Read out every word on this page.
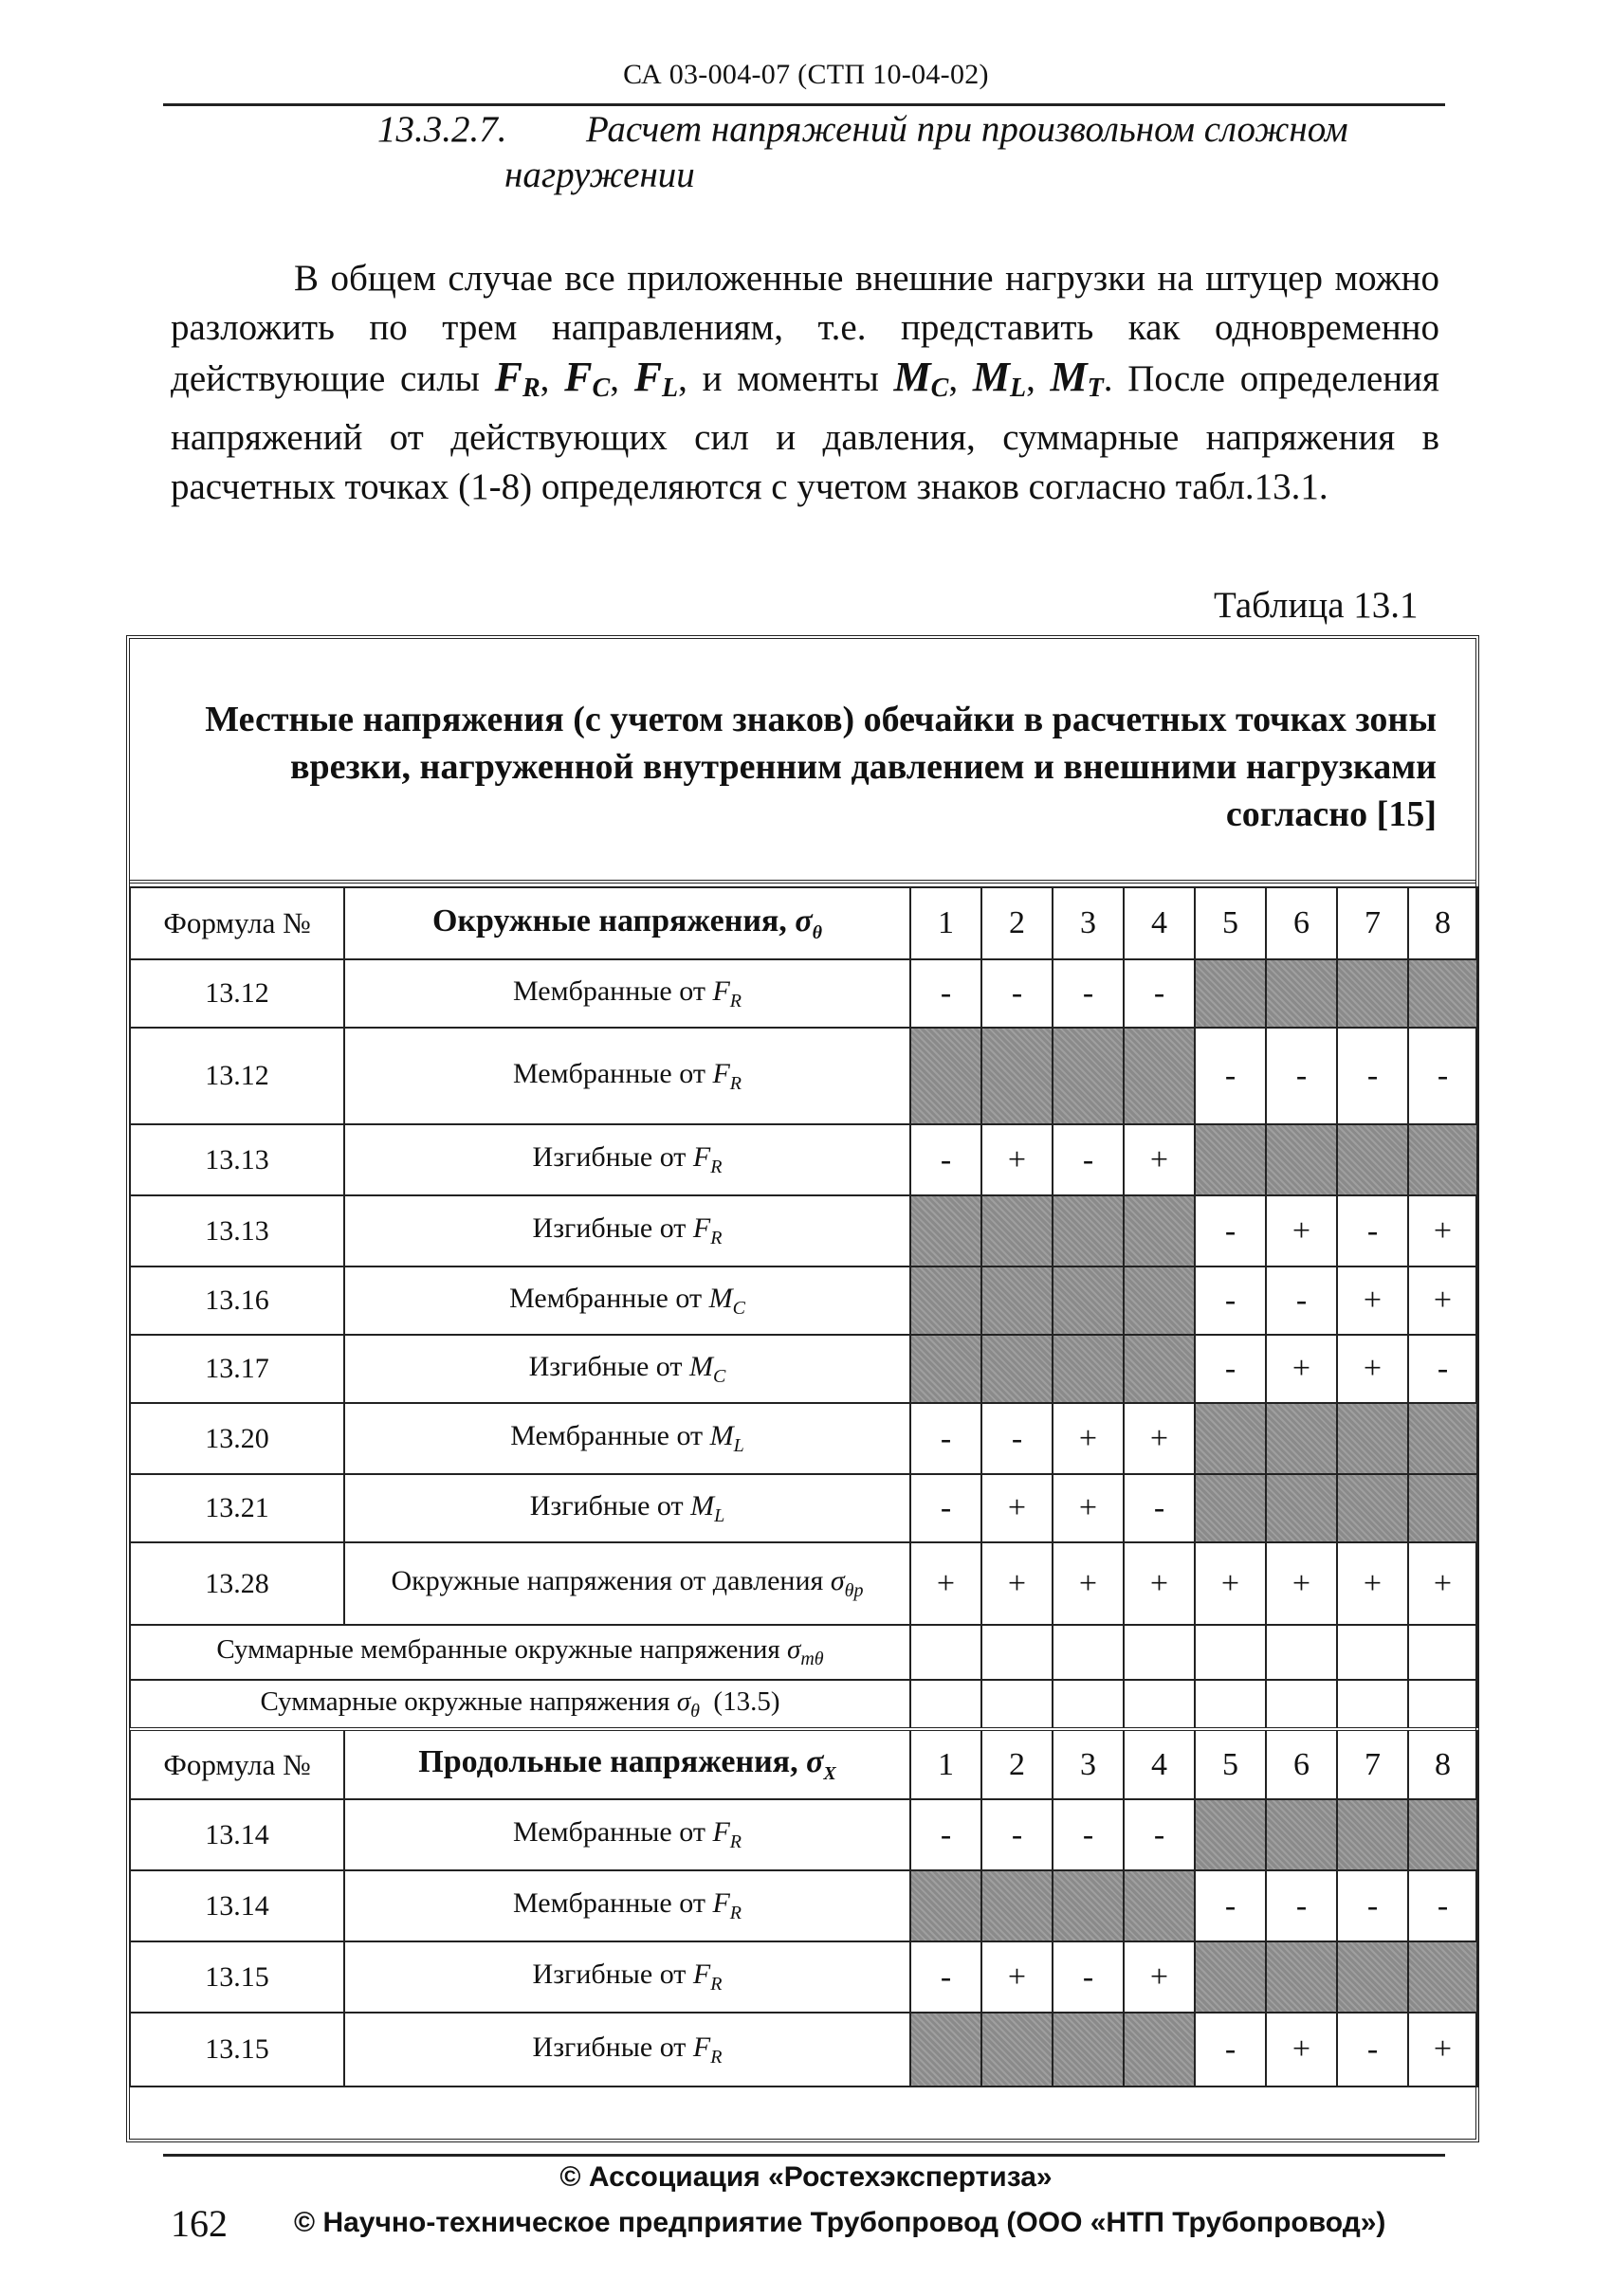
СА 03-004-07 (СТП 10-04-02)
13.3.2.7. Расчет напряжений при произвольном сложном
нагружении

В общем случае все приложенные внешние нагрузки на штуцер можно разложить по трем направлениям, т.е. представить как одновременно действующие силы $F_R$, $F_C$, $F_L$, и моменты $M_C$, $M_L$, $M_T$. После определения напряжений от действующих сил и давления, суммарные напряжения в расчетных точках (1-8) определяются с учетом знаков согласно табл.13.1.

Таблица 13.1
Местные напряжения (с учетом знаков) обечайки в расчетных точках зоны врезки, нагруженной внутренним давлением и внешними нагрузками согласно [15]
Формула №	Окружные напряжения, $\sigma_\theta$	1	2	3	4	5	6	7	8
13.12	Мембранные от $F_R$	-	-	-	-				
13.12	Мембранные от $F_R$					-	-	-	-
13.13	Изгибные от $F_R$	-	+	-	+				
13.13	Изгибные от $F_R$					-	+	-	+
13.16	Мембранные от $M_C$					-	-	+	+
13.17	Изгибные от $M_C$					-	+	+	-
13.20	Мембранные от $M_L$	-	-	+	+				
13.21	Изгибные от $M_L$	-	+	+	-				
13.28	Окружные напряжения от давления $\sigma_{\theta p}$	+	+	+	+	+	+	+	+
Суммарные мембранные окружные напряжения $\sigma_{m\theta}$								
Суммарные окружные напряжения $\sigma_\theta$  (13.5)									
Формула №	Продольные напряжения, $\sigma_X$	1	2	3	4	5	6	7	8
13.14	Мембранные от $F_R$	-	-	-	-				
13.14	Мембранные от $F_R$					-	-	-	-
13.15	Изгибные от $F_R$	-	+	-	+				
13.15	Изгибные от $F_R$					-	+	-	+
© Ассоциация «Ростехэкспертиза»
162 © Научно-техническое предприятие Трубопровод (ООО «НТП Трубопровод»)
